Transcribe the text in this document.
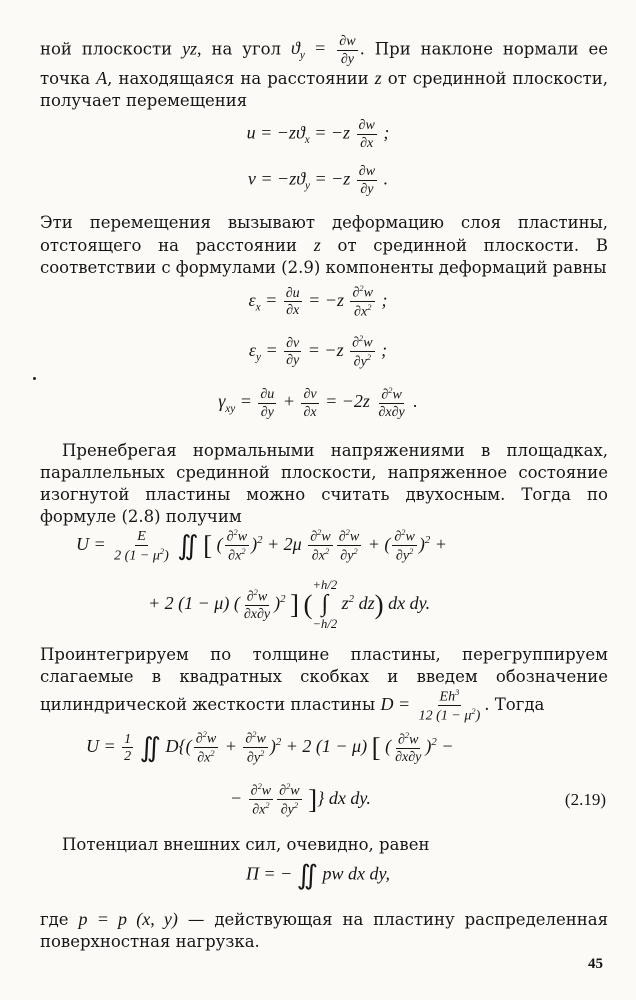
ной плоскости yz, на угол $ϑ_y = \frac{\partial w}{\partial y}$ . При наклоне нормали ее точка A, находящаяся на расстоянии z от срединной плоскости, получает перемещения
$u = -zϑ_x = -z \frac{\partial w}{\partial x}$ ;
$v = -zϑ_y = -z \frac{\partial w}{\partial y}$ .
Эти перемещения вызывают деформацию слоя пластины, отстоящего на расстоянии z от срединной плоскости. В соответствии с формулами (2.9) компоненты деформаций равны
$\varepsilon_x = \frac{\partial u}{\partial x} = -z \frac{\partial^2w}{\partial x^2}$ ;
$\varepsilon_y = \frac{\partial v}{\partial y} = -z \frac{\partial^2w}{\partial y^2}$ ;
$\gamma_{xy} = \frac{\partial u}{\partial y} + \frac{\partial v}{\partial x} = -2z \frac{\partial^2w}{\partial x\partial y}$ .
Пренебрегая нормальными напряжениями в площадках, параллельных срединной плоскости, напряженное состояние изогнутой пластины можно считать двухосным. Тогда по формуле (2.8) получим
$U = \frac{E}{2 (1 - \mu^2)}$ ∬ [ ( $\frac{\partial^2w}{\partial x^2} )^2 + 2\mu \frac{\partial^2w}{\partial x^2} \frac{\partial^2w}{\partial y^2}$ + ( $\frac{\partial^2w}{\partial y^2} )^2$ +
+ 2 (1 − μ) ( $\frac{\partial^2w}{\partial x\partial y} )^2$ ] (
+h/2
∫
−h/2
$z^2$ dz) dx dy.
Проинтегрируем по толщине пластины, перегруппируем слагаемые в квадратных скобках и введем обозначение цилиндрической жесткости пластины $D = \frac{Eh^3}{12 (1 - \mu^2)}$ . Тогда
$U = \frac{1}{2}$ ∬ $D\{( \frac{\partial^2w}{\partial x^2} + \frac{\partial^2w}{\partial y^2} )^2 + 2$ (1 − μ) [ ( $\frac{\partial^2w}{\partial x\partial y} )^2$ −
− $\frac{\partial^2w}{\partial x^2} \frac{\partial^2w}{\partial y^2}$ ]} dx dy.	(2.19)
Потенциал внешних сил, очевидно, равен
Π = − ∬ pw dx dy,
где p = p (x, y) — действующая на пластину распределенная поверхностная нагрузка.
45
